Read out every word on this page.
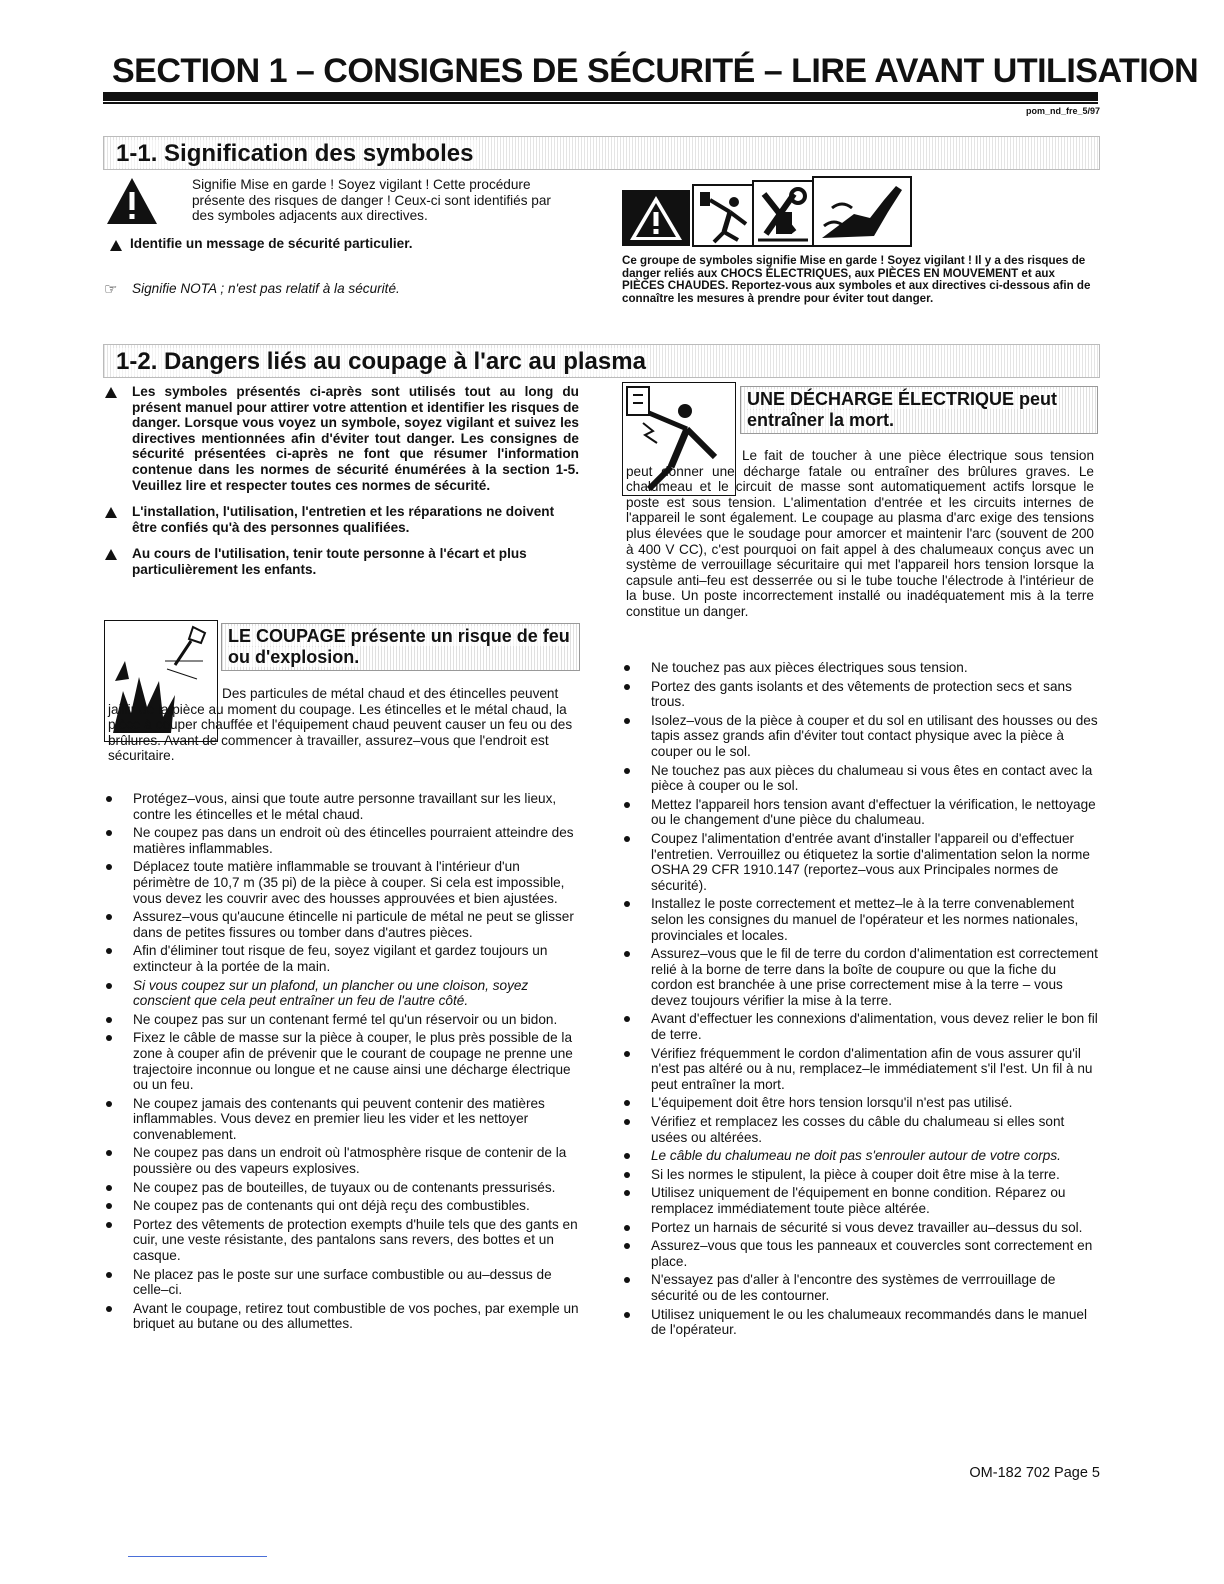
SECTION 1 – CONSIGNES DE SÉCURITÉ – LIRE AVANT UTILISATION
pom_nd_fre_5/97
1-1. Signification des symboles
Signifie Mise en garde ! Soyez vigilant ! Cette procédure présente des risques de danger ! Ceux-ci sont identifiés par des symboles adjacents aux directives.
Identifie un message de sécurité particulier.
☞ Signifie NOTA ; n'est pas relatif à la sécurité.
Ce groupe de symboles signifie Mise en garde ! Soyez vigilant ! Il y a des risques de danger reliés aux CHOCS ÉLECTRIQUES, aux PIÈCES EN MOUVEMENT et aux PIÈCES CHAUDES. Reportez-vous aux symboles et aux directives ci-dessous afin de connaître les mesures à prendre pour éviter tout danger.
1-2. Dangers liés au coupage à l'arc au plasma
Les symboles présentés ci-après sont utilisés tout au long du présent manuel pour attirer votre attention et identifier les risques de danger. Lorsque vous voyez un symbole, soyez vigilant et suivez les directives mentionnées afin d'éviter tout danger. Les consignes de sécurité présentées ci-après ne font que résumer l'information contenue dans les normes de sécurité énumérées à la section 1-5. Veuillez lire et respecter toutes ces normes de sécurité.
L'installation, l'utilisation, l'entretien et les réparations ne doivent être confiés qu'à des personnes qualifiées.
Au cours de l'utilisation, tenir toute personne à l'écart et plus particulièrement les enfants.
LE COUPAGE présente un risque de feu ou d'explosion.
Des particules de métal chaud et des étincelles peuvent jaillir de la pièce au moment du coupage. Les étincelles et le métal chaud, la pièce à couper chauffée et l'équipement chaud peuvent causer un feu ou des brûlures. Avant de commencer à travailler, assurez–vous que l'endroit est sécuritaire.
Protégez–vous, ainsi que toute autre personne travaillant sur les lieux, contre les étincelles et le métal chaud.
Ne coupez pas dans un endroit où des étincelles pourraient atteindre des matières inflammables.
Déplacez toute matière inflammable se trouvant à l'intérieur d'un périmètre de 10,7 m (35 pi) de la pièce à couper. Si cela est impossible, vous devez les couvrir avec des housses approuvées et bien ajustées.
Assurez–vous qu'aucune étincelle ni particule de métal ne peut se glisser dans de petites fissures ou tomber dans d'autres pièces.
Afin d'éliminer tout risque de feu, soyez vigilant et gardez toujours un extincteur à la portée de la main.
Si vous coupez sur un plafond, un plancher ou une cloison, soyez conscient que cela peut entraîner un feu de l'autre côté.
Ne coupez pas sur un contenant fermé tel qu'un réservoir ou un bidon.
Fixez le câble de masse sur la pièce à couper, le plus près possible de la zone à couper afin de prévenir que le courant de coupage ne prenne une trajectoire inconnue ou longue et ne cause ainsi une décharge électrique ou un feu.
Ne coupez jamais des contenants qui peuvent contenir des matières inflammables. Vous devez en premier lieu les vider et les nettoyer convenablement.
Ne coupez pas dans un endroit où l'atmosphère risque de contenir de la poussière ou des vapeurs explosives.
Ne coupez pas de bouteilles, de tuyaux ou de contenants pressurisés.
Ne coupez pas de contenants qui ont déjà reçu des combustibles.
Portez des vêtements de protection exempts d'huile tels que des gants en cuir, une veste résistante, des pantalons sans revers, des bottes et un casque.
Ne placez pas le poste sur une surface combustible ou au–dessus de celle–ci.
Avant le coupage, retirez tout combustible de vos poches, par exemple un briquet au butane ou des allumettes.
UNE DÉCHARGE ÉLECTRIQUE peut entraîner la mort.
Le fait de toucher à une pièce électrique sous tension peut donner une décharge fatale ou entraîner des brûlures graves. Le chalumeau et le circuit de masse sont automatiquement actifs lorsque le poste est sous tension. L'alimentation d'entrée et les circuits internes de l'appareil le sont également. Le coupage au plasma d'arc exige des tensions plus élevées que le soudage pour amorcer et maintenir l'arc (souvent de 200 à 400 V CC), c'est pourquoi on fait appel à des chalumeaux conçus avec un système de verrouillage sécuritaire qui met l'appareil hors tension lorsque la capsule anti–feu est desserrée ou si le tube touche l'électrode à l'intérieur de la buse. Un poste incorrectement installé ou inadéquatement mis à la terre constitue un danger.
Ne touchez pas aux pièces électriques sous tension.
Portez des gants isolants et des vêtements de protection secs et sans trous.
Isolez–vous de la pièce à couper et du sol en utilisant des housses ou des tapis assez grands afin d'éviter tout contact physique avec la pièce à couper ou le sol.
Ne touchez pas aux pièces du chalumeau si vous êtes en contact avec la pièce à couper ou le sol.
Mettez l'appareil hors tension avant d'effectuer la vérification, le nettoyage ou le changement d'une pièce du chalumeau.
Coupez l'alimentation d'entrée avant d'installer l'appareil ou d'effectuer l'entretien. Verrouillez ou étiquetez la sortie d'alimentation selon la norme OSHA 29 CFR 1910.147 (reportez–vous aux Principales normes de sécurité).
Installez le poste correctement et mettez–le à la terre convenablement selon les consignes du manuel de l'opérateur et les normes nationales, provinciales et locales.
Assurez–vous que le fil de terre du cordon d'alimentation est correctement relié à la borne de terre dans la boîte de coupure ou que la fiche du cordon est branchée à une prise correctement mise à la terre – vous devez toujours vérifier la mise à la terre.
Avant d'effectuer les connexions d'alimentation, vous devez relier le bon fil de terre.
Vérifiez fréquemment le cordon d'alimentation afin de vous assurer qu'il n'est pas altéré ou à nu, remplacez–le immédiatement s'il l'est. Un fil à nu peut entraîner la mort.
L'équipement doit être hors tension lorsqu'il n'est pas utilisé.
Vérifiez et remplacez les cosses du câble du chalumeau si elles sont usées ou altérées.
Le câble du chalumeau ne doit pas s'enrouler autour de votre corps.
Si les normes le stipulent, la pièce à couper doit être mise à la terre.
Utilisez uniquement de l'équipement en bonne condition. Réparez ou remplacez immédiatement toute pièce altérée.
Portez un harnais de sécurité si vous devez travailler au–dessus du sol.
Assurez–vous que tous les panneaux et couvercles sont correctement en place.
N'essayez pas d'aller à l'encontre des systèmes de verrrouillage de sécurité ou de les contourner.
Utilisez uniquement le ou les chalumeaux recommandés dans le manuel de l'opérateur.
OM-182 702 Page 5
